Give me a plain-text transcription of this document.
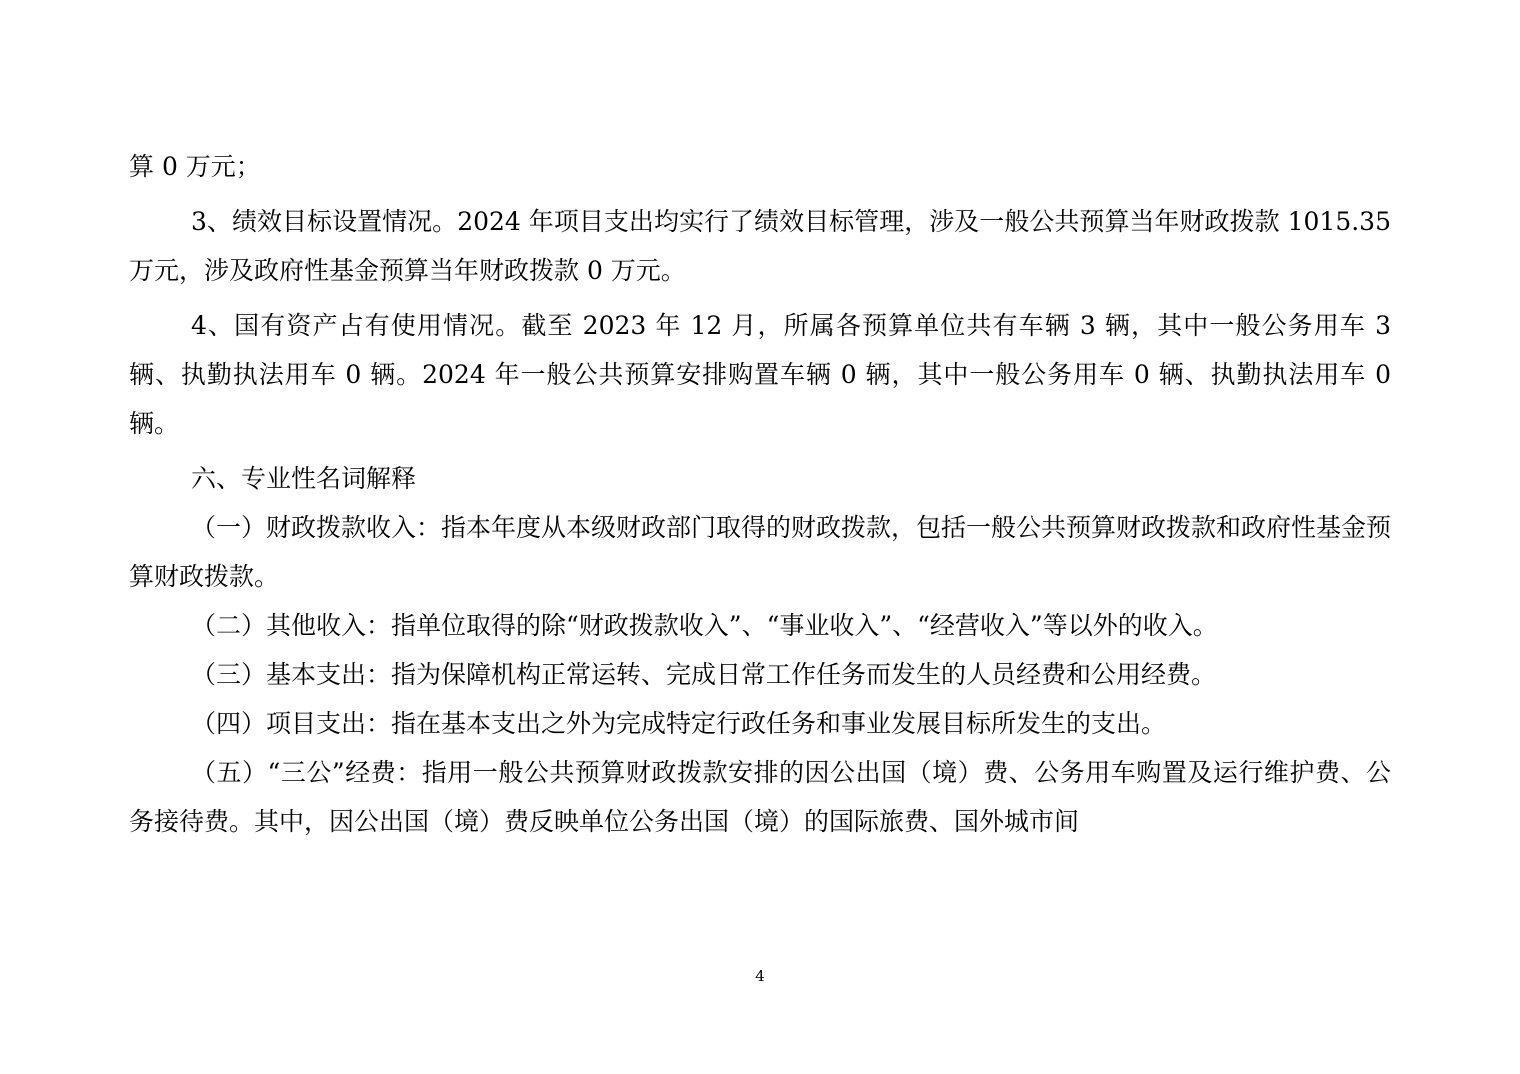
算 0 万元；

3、绩效目标设置情况。2024 年项目支出均实行了绩效目标管理，涉及一般公共预算当年财政拨款 1015.35 万元，涉及政府性基金预算当年财政拨款 0 万元。

4、国有资产占有使用情况。截至 2023 年 12 月，所属各预算单位共有车辆 3 辆，其中一般公务用车 3 辆、执勤执法用车 0 辆。2024 年一般公共预算安排购置车辆 0 辆，其中一般公务用车 0 辆、执勤执法用车 0 辆。

六、专业性名词解释

（一）财政拨款收入：指本年度从本级财政部门取得的财政拨款，包括一般公共预算财政拨款和政府性基金预算财政拨款。

（二）其他收入：指单位取得的除“财政拨款收入”、“事业收入”、“经营收入”等以外的收入。

（三）基本支出：指为保障机构正常运转、完成日常工作任务而发生的人员经费和公用经费。

（四）项目支出：指在基本支出之外为完成特定行政任务和事业发展目标所发生的支出。

（五）“三公”经费：指用一般公共预算财政拨款安排的因公出国（境）费、公务用车购置及运行维护费、公务接待费。其中，因公出国（境）费反映单位公务出国（境）的国际旅费、国外城市间

4
